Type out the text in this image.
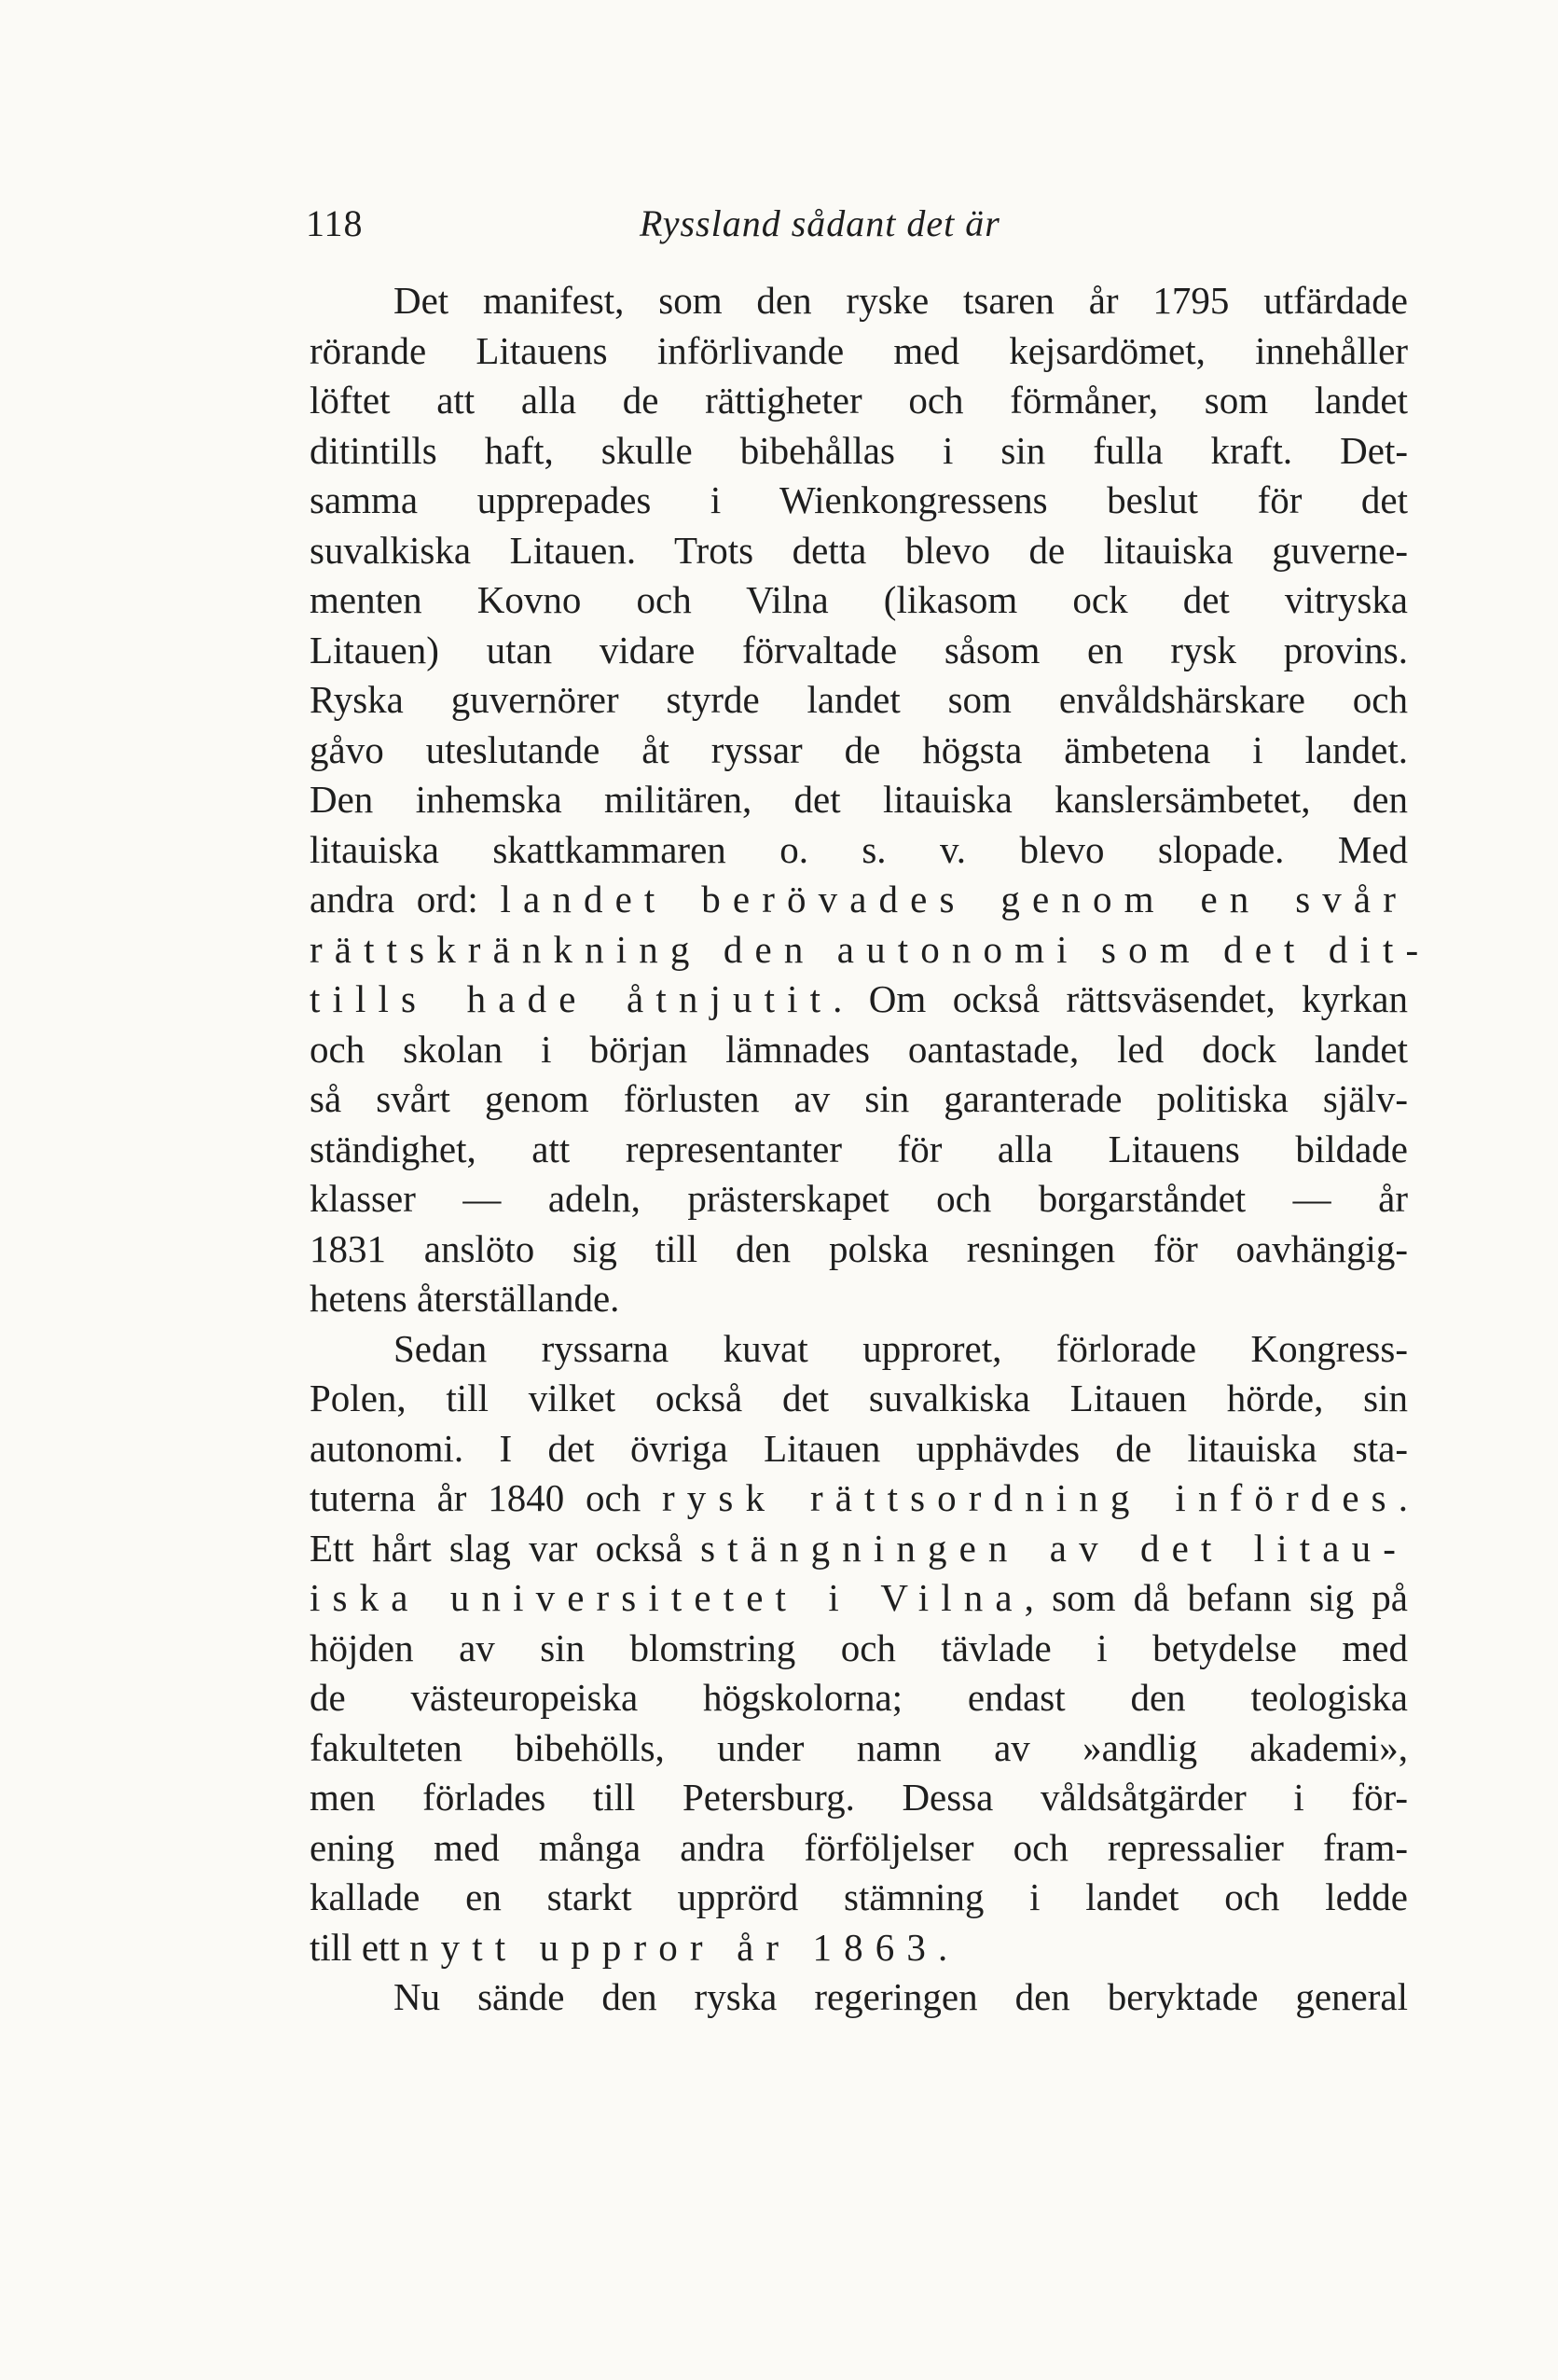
118	Ryssland sådant det är
Det manifest, som den ryske tsaren år 1795 utfärdade
rörande Litauens införlivande med kejsardömet, innehåller
löftet att alla de rättigheter och förmåner, som landet
ditintills haft, skulle bibehållas i sin fulla kraft. Det-
samma upprepades i Wienkongressens beslut för det
suvalkiska Litauen. Trots detta blevo de litauiska guverne-
menten Kovno och Vilna (likasom ock det vitryska
Litauen) utan vidare förvaltade såsom en rysk provins.
Ryska guvernörer styrde landet som envåldshärskare och
gåvo uteslutande åt ryssar de högsta ämbetena i landet.
Den inhemska militären, det litauiska kanslersämbetet, den
litauiska skattkammaren o. s. v. blevo slopade. Med
andra ord: landet berövades genom en svår
rättskränkning den autonomi som det dit-
tills hade åtnjutit. Om också rättsväsendet, kyrkan
och skolan i början lämnades oantastade, led dock landet
så svårt genom förlusten av sin garanterade politiska själv-
ständighet, att representanter för alla Litauens bildade
klasser — adeln, prästerskapet och borgarståndet — år
1831 anslöto sig till den polska resningen för oavhängig-
hetens återställande.
Sedan ryssarna kuvat upproret, förlorade Kongress-
Polen, till vilket också det suvalkiska Litauen hörde, sin
autonomi. I det övriga Litauen upphävdes de litauiska sta-
tuterna år 1840 och rysk rättsordning infördes.
Ett hårt slag var också stängningen av det litau-
iska universitetet i Vilna, som då befann sig på
höjden av sin blomstring och tävlade i betydelse med
de västeuropeiska högskolorna; endast den teologiska
fakulteten bibehölls, under namn av »andlig akademi»,
men förlades till Petersburg. Dessa våldsåtgärder i för-
ening med många andra förföljelser och repressalier fram-
kallade en starkt upprörd stämning i landet och ledde
till ett nytt uppror år 1863.
Nu sände den ryska regeringen den beryktade general
